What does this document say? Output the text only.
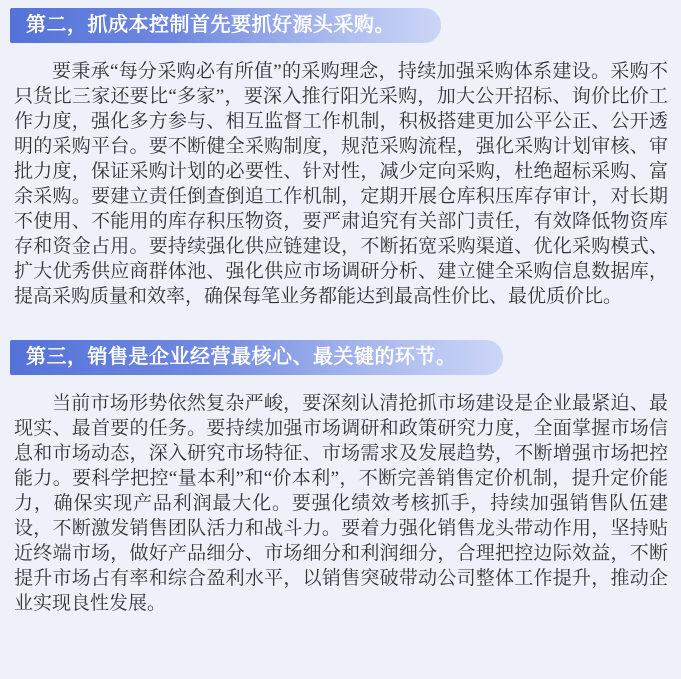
第二，抓成本控制首先要抓好源头采购。

要秉承“每分采购必有所值”的采购理念，持续加强采购体系建设。采购不只货比三家还要比“多家”，要深入推行阳光采购，加大公开招标、询价比价工作力度，强化多方参与、相互监督工作机制，积极搭建更加公平公正、公开透明的采购平台。要不断健全采购制度，规范采购流程，强化采购计划审核、审批力度，保证采购计划的必要性、针对性，减少定向采购，杜绝超标采购、富余采购。要建立责任倒查倒追工作机制，定期开展仓库积压库存审计，对长期不使用、不能用的库存积压物资，要严肃追究有关部门责任，有效降低物资库存和资金占用。要持续强化供应链建设，不断拓宽采购渠道、优化采购模式、扩大优秀供应商群体池、强化供应市场调研分析、建立健全采购信息数据库，提高采购质量和效率，确保每笔业务都能达到最高性价比、最优质价比。

第三，销售是企业经营最核心、最关键的环节。

当前市场形势依然复杂严峻，要深刻认清抢抓市场建设是企业最紧迫、最现实、最首要的任务。要持续加强市场调研和政策研究力度，全面掌握市场信息和市场动态，深入研究市场特征、市场需求及发展趋势，不断增强市场把控能力。要科学把控“量本利”和“价本利”，不断完善销售定价机制，提升定价能力，确保实现产品利润最大化。要强化绩效考核抓手，持续加强销售队伍建设，不断激发销售团队活力和战斗力。要着力强化销售龙头带动作用，坚持贴近终端市场，做好产品细分、市场细分和利润细分，合理把控边际效益，不断提升市场占有率和综合盈利水平，以销售突破带动公司整体工作提升，推动企业实现良性发展。
